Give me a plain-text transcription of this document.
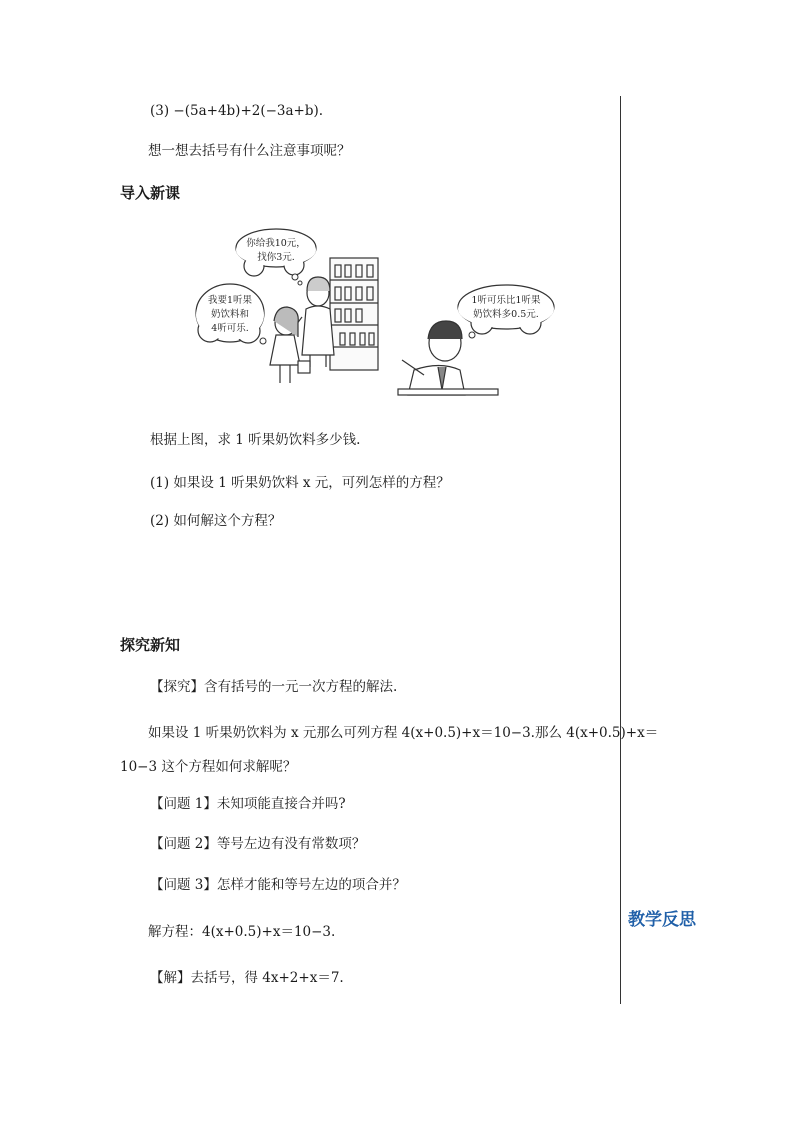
(3) −(5a+4b)+2(−3a+b).
想一想去括号有什么注意事项呢？
导入新课
你给我10元，
找你3元.
我要1听果
奶饮料和
4听可乐.
1听可乐比1听果
奶饮料多0.5元.
根据上图，求 1 听果奶饮料多少钱.
(1) 如果设 1 听果奶饮料 x 元，可列怎样的方程？
(2) 如何解这个方程？
探究新知
【探究】含有括号的一元一次方程的解法.
如果设 1 听果奶饮料为 x 元那么可列方程 4(x+0.5)+x＝10−3.那么 4(x+0.5)+x＝
10−3 这个方程如何求解呢？
【问题 1】未知项能直接合并吗?
【问题 2】等号左边有没有常数项？
【问题 3】怎样才能和等号左边的项合并？
解方程：4(x+0.5)+x＝10−3.
【解】去括号，得 4x+2+x＝7.
教学反思
